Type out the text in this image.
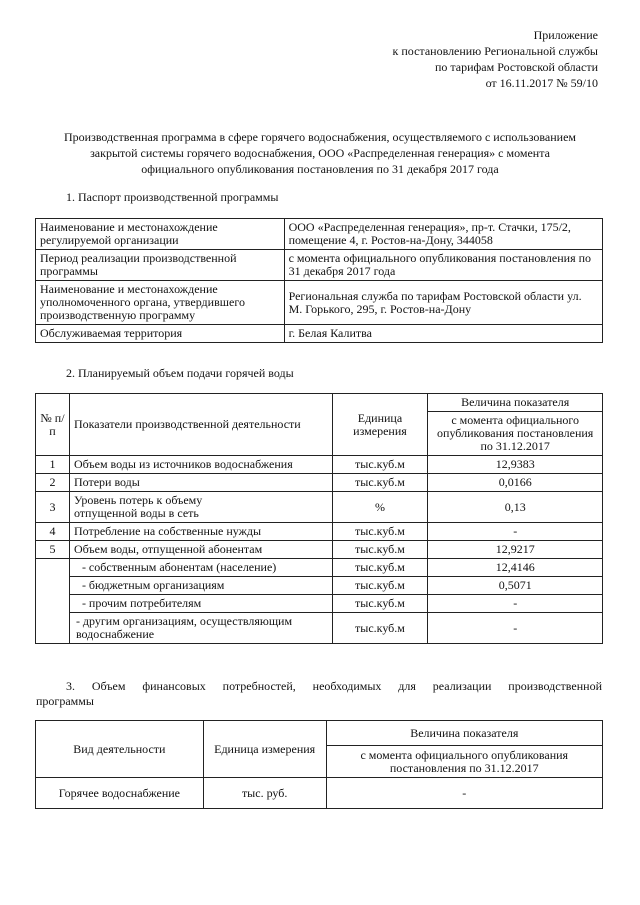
Приложение
к постановлению Региональной службы
по тарифам Ростовской области
от 16.11.2017 № 59/10
Производственная программа в сфере горячего водоснабжения, осуществляемого с использованием
закрытой системы горячего водоснабжения, ООО «Распределенная генерация» с момента
официального опубликования постановления по 31 декабря 2017 года
1. Паспорт производственной программы
Наименование и местонахождение регулируемой организации	ООО «Распределенная генерация», пр-т. Стачки, 175/2, помещение 4, г. Ростов-на-Дону, 344058
Период реализации производственной программы	с момента официального опубликования постановления по 31 декабря 2017 года
Наименование и местонахождение уполномоченного органа, утвердившего производственную программу	Региональная служба по тарифам Ростовской области ул. М. Горького, 295, г. Ростов-на-Дону
Обслуживаемая территория	г. Белая Калитва
2. Планируемый объем подачи горячей воды
№ п/п	Показатели производственной деятельности	Единица измерения	Величина показателя
			с момента официального опубликования постановления по 31.12.2017
1	Объем воды из источников водоснабжения	тыс.куб.м	12,9383
2	Потери воды	тыс.куб.м	0,0166
3	Уровень потерь к объему отпущенной воды в сеть	%	0,13
4	Потребление на собственные нужды	тыс.куб.м	-
5	Объем воды, отпущенной абонентам	тыс.куб.м	12,9217
	- собственным абонентам (население)	тыс.куб.м	12,4146
	- бюджетным организациям	тыс.куб.м	0,5071
	- прочим потребителям	тыс.куб.м	-
	- другим организациям, осуществляющим водоснабжение	тыс.куб.м	-
3. Объем финансовых потребностей, необходимых для реализации производственной
программы
Вид деятельности	Единица измерения	Величина показателя
		с момента официального опубликования постановления по 31.12.2017
Горячее водоснабжение	тыс. руб.	-
